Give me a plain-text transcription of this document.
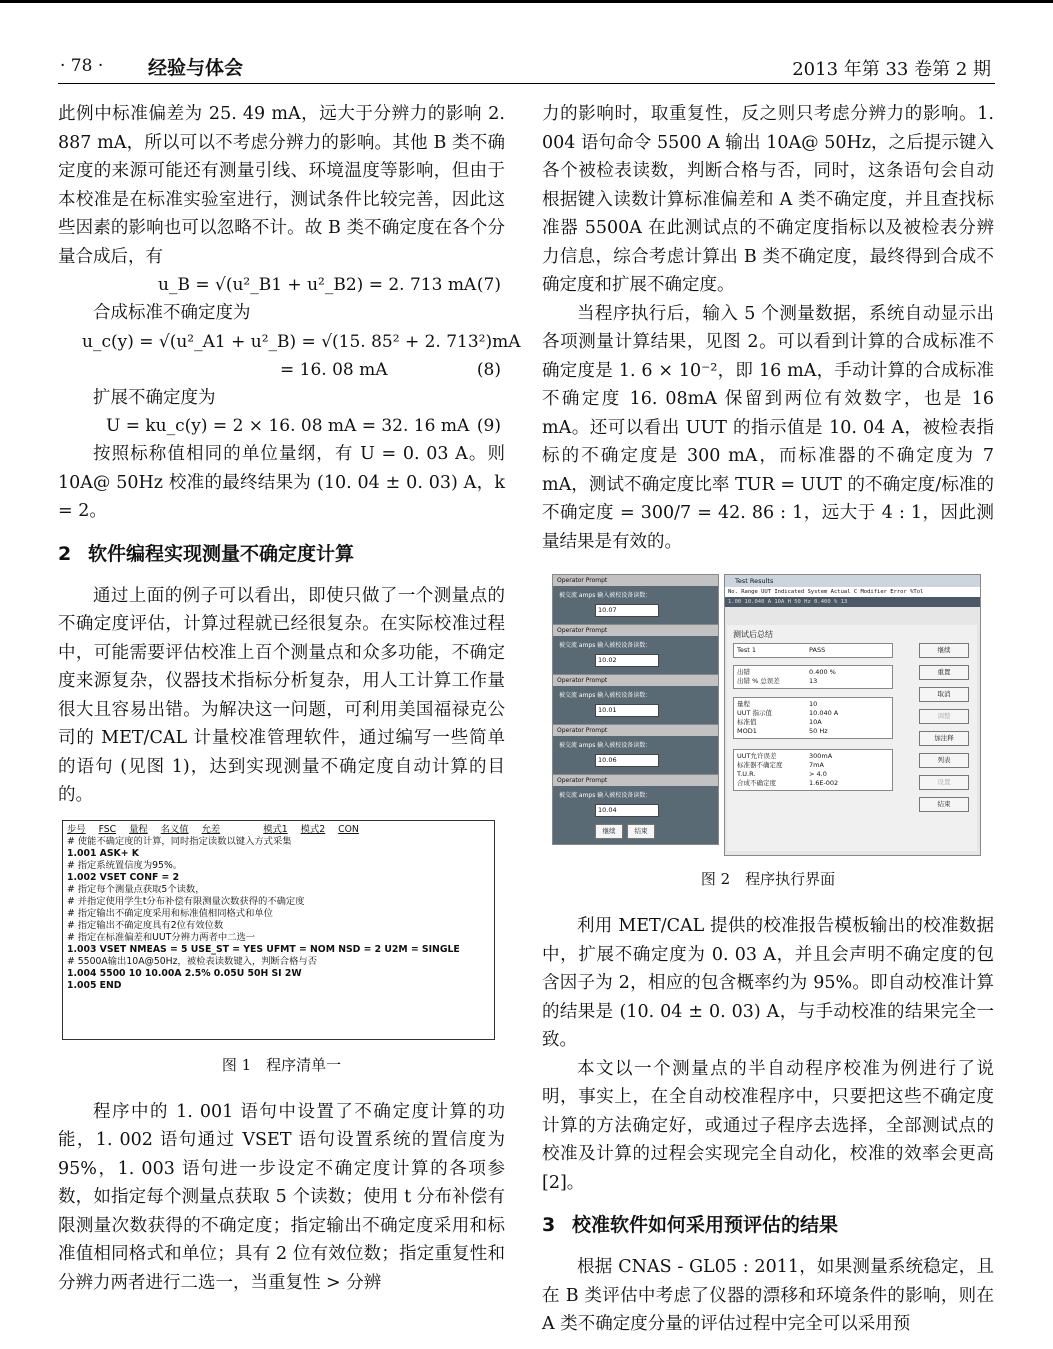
· 78 · 经验与体会	2013 年第 33 卷第 2 期

此例中标准偏差为 25. 49 mA，远大于分辨力的影响 2. 887 mA，所以可以不考虑分辨力的影响。其他 B 类不确定度的来源可能还有测量引线、环境温度等影响，但由于本校准是在标准实验室进行，测试条件比较完善，因此这些因素的影响也可以忽略不计。故 B 类不确定度在各个分量合成后，有

u_B = √(u²_B1 + u²_B2) = 2. 713 mA (7)

合成标准不确定度为

u_c(y) = √(u²_A1 + u²_B) = √(15. 85² + 2. 713²)mA
= 16. 08 mA	(8)

扩展不确定度为

U = ku_c(y) = 2 × 16. 08 mA = 32. 16 mA (9)

按照标称值相同的单位量纲，有 U = 0. 03 A。则 10A@ 50Hz 校准的最终结果为 (10. 04 ± 0. 03) A，k = 2。

2 软件编程实现测量不确定度计算

通过上面的例子可以看出，即使只做了一个测量点的不确定度评估，计算过程就已经很复杂。在实际校准过程中，可能需要评估校准上百个测量点和众多功能，不确定度来源复杂，仪器技术指标分析复杂，用人工计算工作量很大且容易出错。为解决这一问题，可利用美国福禄克公司的 MET/CAL 计量校准管理软件，通过编写一些简单的语句 (见图 1)，达到实现测量不确定度自动计算的目的。

步号 FSC 量程 名义值 允差	模式1 模式2 CON
# 使能不确定度的计算，同时指定读数以键入方式采集
1.001 ASK+ K
# 指定系统置信度为95%。
1.002 VSET CONF = 2
# 指定每个测量点获取5个读数，
# 并指定使用学生t分布补偿有限测量次数获得的不确定度
# 指定输出不确定度采用和标准值相同格式和单位
# 指定输出不确定度具有2位有效位数
# 指定在标准偏差和UUT分辨力两者中二选一
1.003 VSET NMEAS = 5 USE_ST = YES UFMT = NOM NSD = 2 U2M = SINGLE
# 5500A输出10A@50Hz，被检表读数键入，判断合格与否
1.004 5500 10 10.00A 2.5% 0.05U 50H SI 2W
1.005 END
图 1　程序清单一

程序中的 1. 001 语句中设置了不确定度计算的功能，1. 002 语句通过 VSET 语句设置系统的置信度为 95%，1. 003 语句进一步设定不确定度计算的各项参数，如指定每个测量点获取 5 个读数；使用 t 分布补偿有限测量次数获得的不确定度；指定输出不确定度采用和标准值相同格式和单位；具有 2 位有效位数；指定重复性和分辨力两者进行二选一，当重复性 > 分辨

力的影响时，取重复性，反之则只考虑分辨力的影响。1. 004 语句命令 5500 A 输出 10A@ 50Hz，之后提示键入各个被检表读数，判断合格与否，同时，这条语句会自动根据键入读数计算标准偏差和 A 类不确定度，并且查找标准器 5500A 在此测试点的不确定度指标以及被检表分辨力信息，综合考虑计算出 B 类不确定度，最终得到合成不确定度和扩展不确定度。

当程序执行后，输入 5 个测量数据，系统自动显示出各项测量计算结果，见图 2。可以看到计算的合成标准不确定度是 1. 6 × 10⁻²，即 16 mA，手动计算的合成标准不确定度 16. 08mA 保留到两位有效数字，也是 16 mA。还可以看出 UUT 的指示值是 10. 04 A，被检表指标的不确定度是 300 mA，而标准器的不确定度为 7 mA，测试不确定度比率 TUR = UUT 的不确定度/标准的不确定度 = 300/7 = 42. 86 : 1，远大于 4 : 1，因此测量结果是有效的。

Operator Prompt
被交流 amps 输入被校设备读数：
10.07
Operator Prompt
被交流 amps 输入被校设备读数：
10.02
Operator Prompt
被交流 amps 输入被校设备读数：
10.01
Operator Prompt
被交流 amps 输入被校设备读数：
10.06
Operator Prompt
被交流 amps 输入被校设备读数：
10.04
继续	结束
Test Results
No. Range UUT Indicated System Actual C Modifier Error %Tol
1.00 10.040 A 10A H 50 Hz 0.400 % 13
测试后总结
Test 1	PASS
出错	0.400 %
出错 % 总误差	13
量程	10
UUT 指示值	10.040 A
标准值	10A
MOD1	50 Hz
UUT允许误差	300mA
标准器不确定度	7mA
T.U.R.	> 4.0
合成不确定度	1.6E-002
继续
重置
取消
调整
加注释
列表
设置
结束
图 2　程序执行界面

利用 MET/CAL 提供的校准报告模板输出的校准数据中，扩展不确定度为 0. 03 A，并且会声明不确定度的包含因子为 2，相应的包含概率约为 95%。即自动校准计算的结果是 (10. 04 ± 0. 03) A，与手动校准的结果完全一致。

本文以一个测量点的半自动程序校准为例进行了说明，事实上，在全自动校准程序中，只要把这些不确定度计算的方法确定好，或通过子程序去选择，全部测试点的校准及计算的过程会实现完全自动化，校准的效率会更高[2]。

3 校准软件如何采用预评估的结果

根据 CNAS - GL05 : 2011，如果测量系统稳定，且在 B 类评估中考虑了仪器的漂移和环境条件的影响，则在 A 类不确定度分量的评估过程中完全可以采用预
